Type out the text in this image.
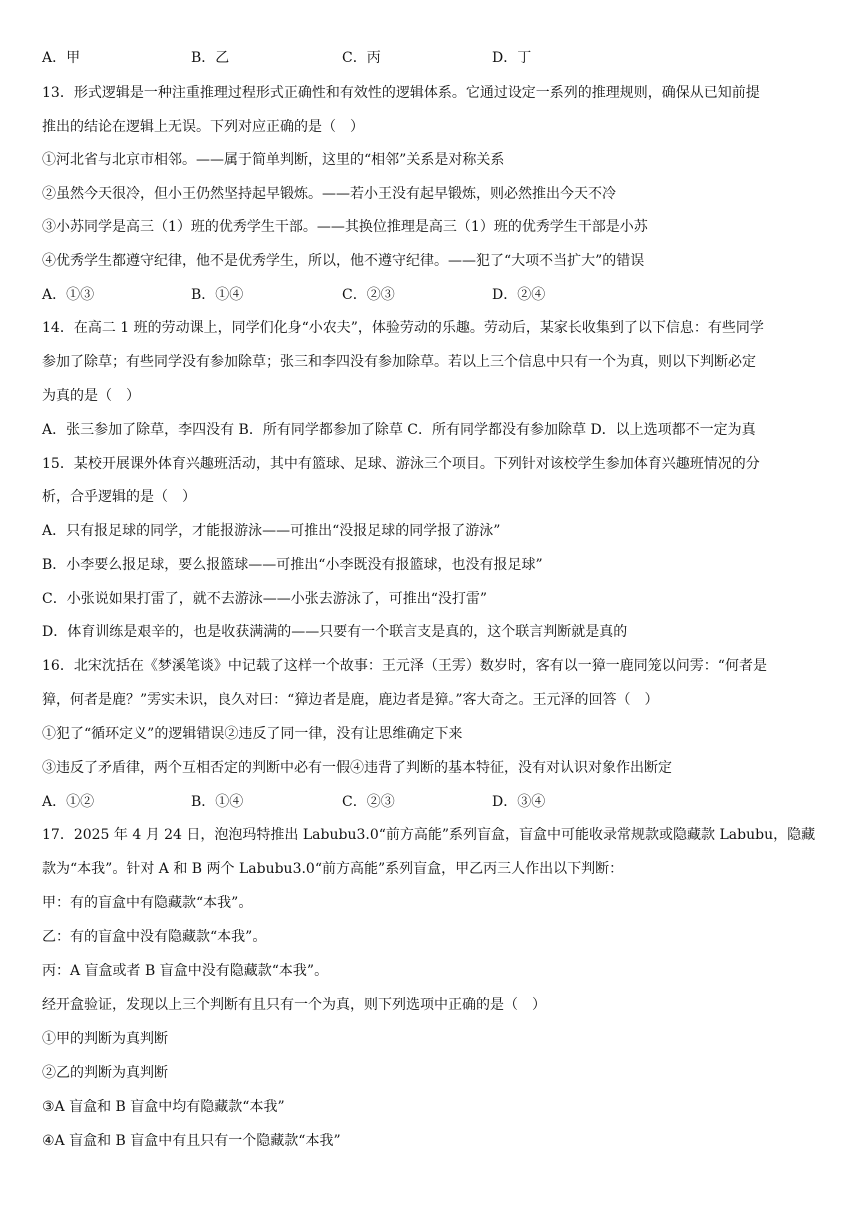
A．甲	B．乙	C．丙	D．丁
13．形式逻辑是一种注重推理过程形式正确性和有效性的逻辑体系。它通过设定一系列的推理规则，确保从已知前提
推出的结论在逻辑上无误。下列对应正确的是（　）
①河北省与北京市相邻。——属于简单判断，这里的“相邻”关系是对称关系
②虽然今天很冷，但小王仍然坚持起早锻炼。——若小王没有起早锻炼，则必然推出今天不冷
③小苏同学是高三（1）班的优秀学生干部。——其换位推理是高三（1）班的优秀学生干部是小苏
④优秀学生都遵守纪律，他不是优秀学生，所以，他不遵守纪律。——犯了“大项不当扩大”的错误
A．①③	B．①④	C．②③	D．②④
14．在高二 1 班的劳动课上，同学们化身“小农夫”，体验劳动的乐趣。劳动后，某家长收集到了以下信息：有些同学
参加了除草；有些同学没有参加除草；张三和李四没有参加除草。若以上三个信息中只有一个为真，则以下判断必定
为真的是（　）
A．张三参加了除草，李四没有 B．所有同学都参加了除草 C．所有同学都没有参加除草 D．以上选项都不一定为真
15．某校开展课外体育兴趣班活动，其中有篮球、足球、游泳三个项目。下列针对该校学生参加体育兴趣班情况的分
析，合乎逻辑的是（　）
A．只有报足球的同学，才能报游泳——可推出“没报足球的同学报了游泳”
B．小李要么报足球，要么报篮球——可推出“小李既没有报篮球，也没有报足球”
C．小张说如果打雷了，就不去游泳——小张去游泳了，可推出“没打雷”
D．体育训练是艰辛的，也是收获满满的——只要有一个联言支是真的，这个联言判断就是真的
16．北宋沈括在《梦溪笔谈》中记载了这样一个故事：王元泽（王雱）数岁时，客有以一獐一鹿同笼以问雱：“何者是
獐，何者是鹿？”雱实未识，良久对曰：“獐边者是鹿，鹿边者是獐。”客大奇之。王元泽的回答（　）
①犯了“循环定义”的逻辑错误②违反了同一律，没有让思维确定下来
③违反了矛盾律，两个互相否定的判断中必有一假④违背了判断的基本特征，没有对认识对象作出断定
A．①②	B．①④	C．②③	D．③④
17．2025 年 4 月 24 日，泡泡玛特推出 Labubu3.0“前方高能”系列盲盒，盲盒中可能收录常规款或隐藏款 Labubu，隐藏
款为“本我”。针对 A 和 B 两个 Labubu3.0“前方高能”系列盲盒，甲乙丙三人作出以下判断：
甲：有的盲盒中有隐藏款“本我”。
乙：有的盲盒中没有隐藏款“本我”。
丙：A 盲盒或者 B 盲盒中没有隐藏款“本我”。
经开盒验证，发现以上三个判断有且只有一个为真，则下列选项中正确的是（　）
①甲的判断为真判断
②乙的判断为真判断
③A 盲盒和 B 盲盒中均有隐藏款“本我”
④A 盲盒和 B 盲盒中有且只有一个隐藏款“本我”
